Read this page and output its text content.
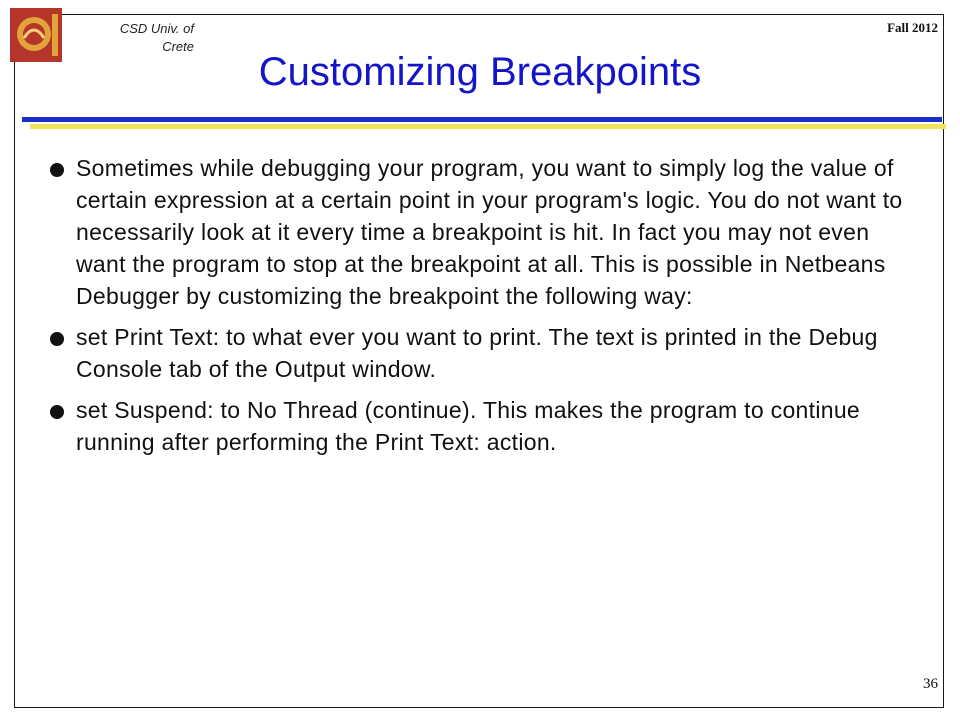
CSD Univ. of
Crete
Fall 2012
Customizing Breakpoints
Sometimes while debugging your program, you want to simply log the value of certain expression at a certain point in your program's logic. You do not want to necessarily look at it every time a breakpoint is hit. In fact you may not even want the program to stop at the breakpoint at all. This is possible in Netbeans Debugger by customizing the breakpoint the following way:
set Print Text: to what ever you want to print. The text is printed in the Debug Console tab of the Output window.
set Suspend: to No Thread (continue). This makes the program to continue running after performing the Print Text: action.
36
